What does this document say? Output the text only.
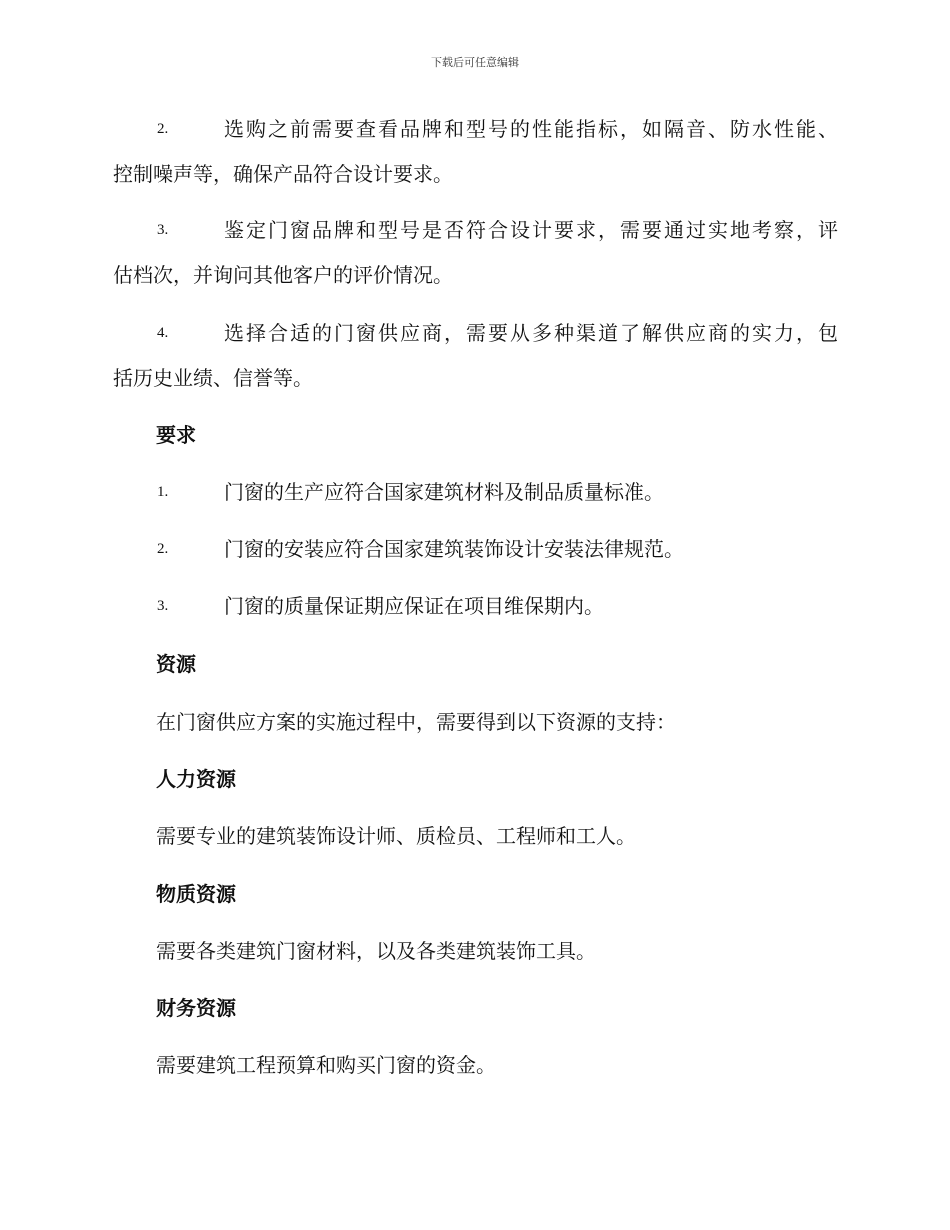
下载后可任意编辑
2.	选购之前需要查看品牌和型号的性能指标，如隔音、防水性能、
控制噪声等，确保产品符合设计要求。
3.	鉴定门窗品牌和型号是否符合设计要求，需要通过实地考察，评
估档次，并询问其他客户的评价情况。
4.	选择合适的门窗供应商，需要从多种渠道了解供应商的实力，包
括历史业绩、信誉等。
要求
1.	门窗的生产应符合国家建筑材料及制品质量标准。
2.	门窗的安装应符合国家建筑装饰设计安装法律规范。
3.	门窗的质量保证期应保证在项目维保期内。
资源
在门窗供应方案的实施过程中，需要得到以下资源的支持：
人力资源
需要专业的建筑装饰设计师、质检员、工程师和工人。
物质资源
需要各类建筑门窗材料，以及各类建筑装饰工具。
财务资源
需要建筑工程预算和购买门窗的资金。
